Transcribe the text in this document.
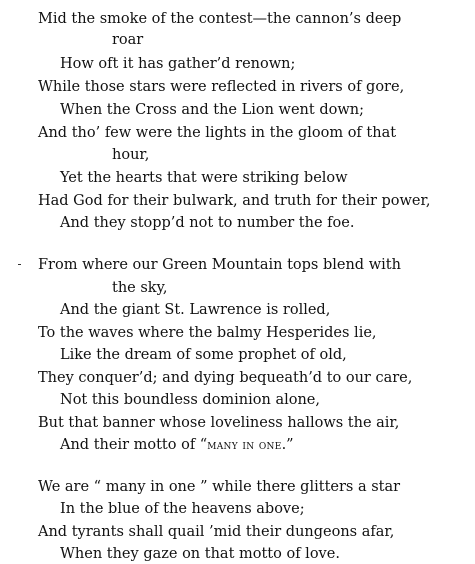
Mid the smoke of the contest—the cannon’s deep
roar
How oft it has gather’d renown;
While those stars were reflected in rivers of gore,
When the Cross and the Lion went down;
And tho’ few were the lights in the gloom of that
hour,
Yet the hearts that were striking below
Had God for their bulwark, and truth for their power,
And they stopp’d not to number the foe.
From where our Green Mountain tops blend with
the sky,
And the giant St. Lawrence is rolled,
To the waves where the balmy Hesperides lie,
Like the dream of some prophet of old,
They conquer’d; and dying bequeath’d to our care,
Not this boundless dominion alone,
But that banner whose loveliness hallows the air,
And their motto of “many in one.”
We are “ many in one ” while there glitters a star
In the blue of the heavens above;
And tyrants shall quail ’mid their dungeons afar,
When they gaze on that motto of love.
